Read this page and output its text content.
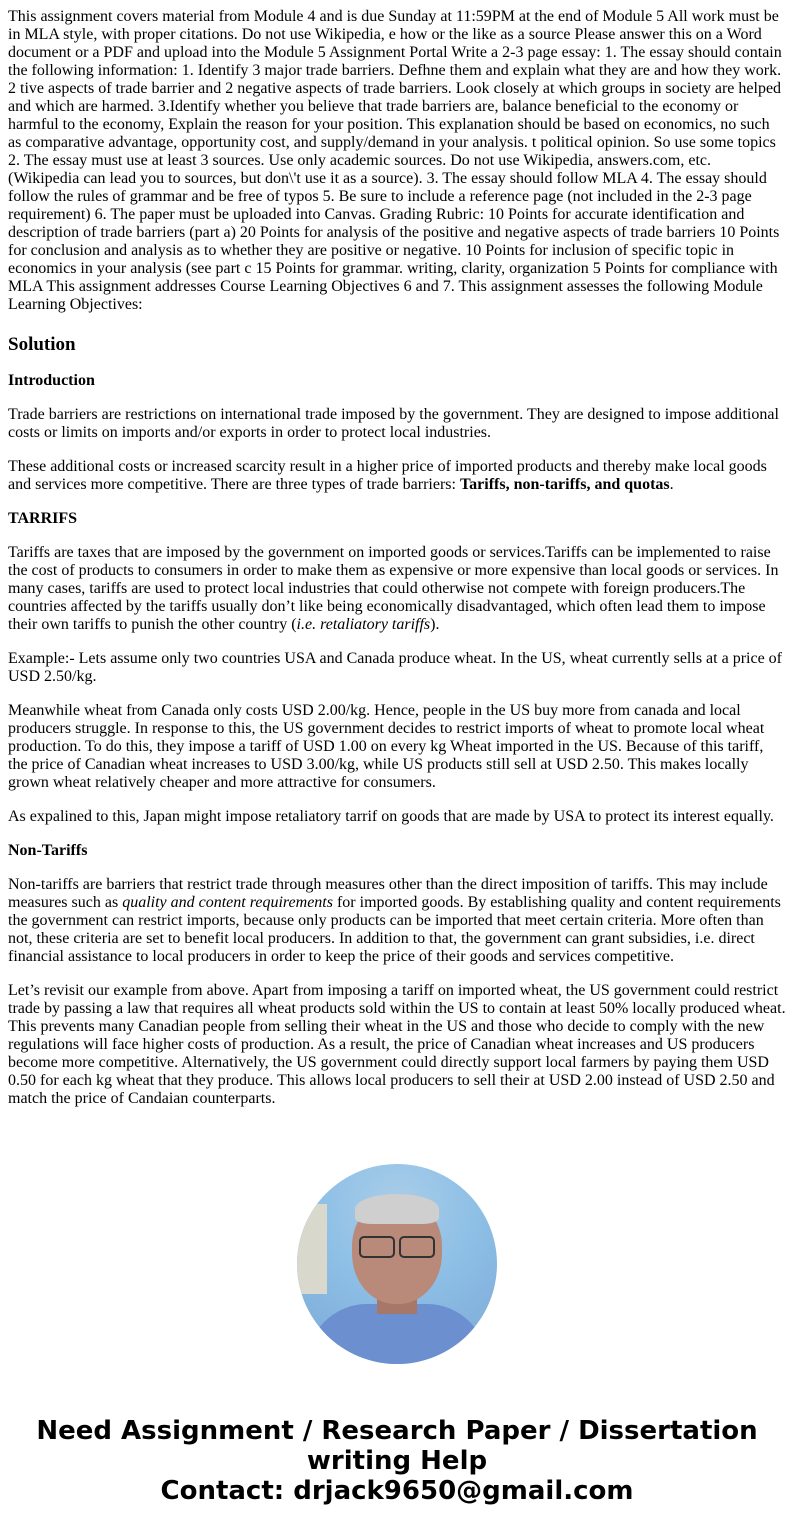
This assignment covers material from Module 4 and is due Sunday at 11:59PM at the end of Module 5 All work must be in MLA style, with proper citations. Do not use Wikipedia, e how or the like as a source Please answer this on a Word document or a PDF and upload into the Module 5 Assignment Portal Write a 2-3 page essay: 1. The essay should contain the following information: 1. Identify 3 major trade barriers. Defhne them and explain what they are and how they work. 2 tive aspects of trade barrier and 2 negative aspects of trade barriers. Look closely at which groups in society are helped and which are harmed. 3.Identify whether you believe that trade barriers are, balance beneficial to the economy or harmful to the economy, Explain the reason for your position. This explanation should be based on economics, no such as comparative advantage, opportunity cost, and supply/demand in your analysis. t political opinion. So use some topics 2. The essay must use at least 3 sources. Use only academic sources. Do not use Wikipedia, answers.com, etc. (Wikipedia can lead you to sources, but don\'t use it as a source). 3. The essay should follow MLA 4. The essay should follow the rules of grammar and be free of typos 5. Be sure to include a reference page (not included in the 2-3 page requirement) 6. The paper must be uploaded into Canvas. Grading Rubric: 10 Points for accurate identification and description of trade barriers (part a) 20 Points for analysis of the positive and negative aspects of trade barriers 10 Points for conclusion and analysis as to whether they are positive or negative. 10 Points for inclusion of specific topic in economics in your analysis (see part c 15 Points for grammar. writing, clarity, organization 5 Points for compliance with MLA This assignment addresses Course Learning Objectives 6 and 7. This assignment assesses the following Module Learning Objectives:

Solution
Introduction

Trade barriers are restrictions on international trade imposed by the government. They are designed to impose additional costs or limits on imports and/or exports in order to protect local industries.

These additional costs or increased scarcity result in a higher price of imported products and thereby make local goods and services more competitive. There are three types of trade barriers: Tariffs, non-tariffs, and quotas.

TARRIFS

Tariffs are taxes that are imposed by the government on imported goods or services.Tariffs can be implemented to raise the cost of products to consumers in order to make them as expensive or more expensive than local goods or services. In many cases, tariffs are used to protect local industries that could otherwise not compete with foreign producers.The countries affected by the tariffs usually don’t like being economically disadvantaged, which often lead them to impose their own tariffs to punish the other country (i.e. retaliatory tariffs).

Example:- Lets assume only two countries USA and Canada produce wheat. In the US, wheat currently sells at a price of USD 2.50/kg.

Meanwhile wheat from Canada only costs USD 2.00/kg. Hence, people in the US buy more from canada and local producers struggle. In response to this, the US government decides to restrict imports of wheat to promote local wheat production. To do this, they impose a tariff of USD 1.00 on every kg Wheat imported in the US. Because of this tariff, the price of Canadian wheat increases to USD 3.00/kg, while US products still sell at USD 2.50. This makes locally grown wheat relatively cheaper and more attractive for consumers.

As expalined to this, Japan might impose retaliatory tarrif on goods that are made by USA to protect its interest equally.

Non-Tariffs

Non-tariffs are barriers that restrict trade through measures other than the direct imposition of tariffs. This may include measures such as quality and content requirements for imported goods. By establishing quality and content requirements the government can restrict imports, because only products can be imported that meet certain criteria. More often than not, these criteria are set to benefit local producers. In addition to that, the government can grant subsidies, i.e. direct financial assistance to local producers in order to keep the price of their goods and services competitive.

Let’s revisit our example from above. Apart from imposing a tariff on imported wheat, the US government could restrict trade by passing a law that requires all wheat products sold within the US to contain at least 50% locally produced wheat. This prevents many Canadian people from selling their wheat in the US and those who decide to comply with the new regulations will face higher costs of production. As a result, the price of Canadian wheat increases and US producers become more competitive. Alternatively, the US government could directly support local farmers by paying them USD 0.50 for each kg wheat that they produce. This allows local producers to sell their at USD 2.00 instead of USD 2.50 and match the price of Candaian counterparts.

Need Assignment / Research Paper / Dissertation writing Help
Contact: drjack9650@gmail.com
